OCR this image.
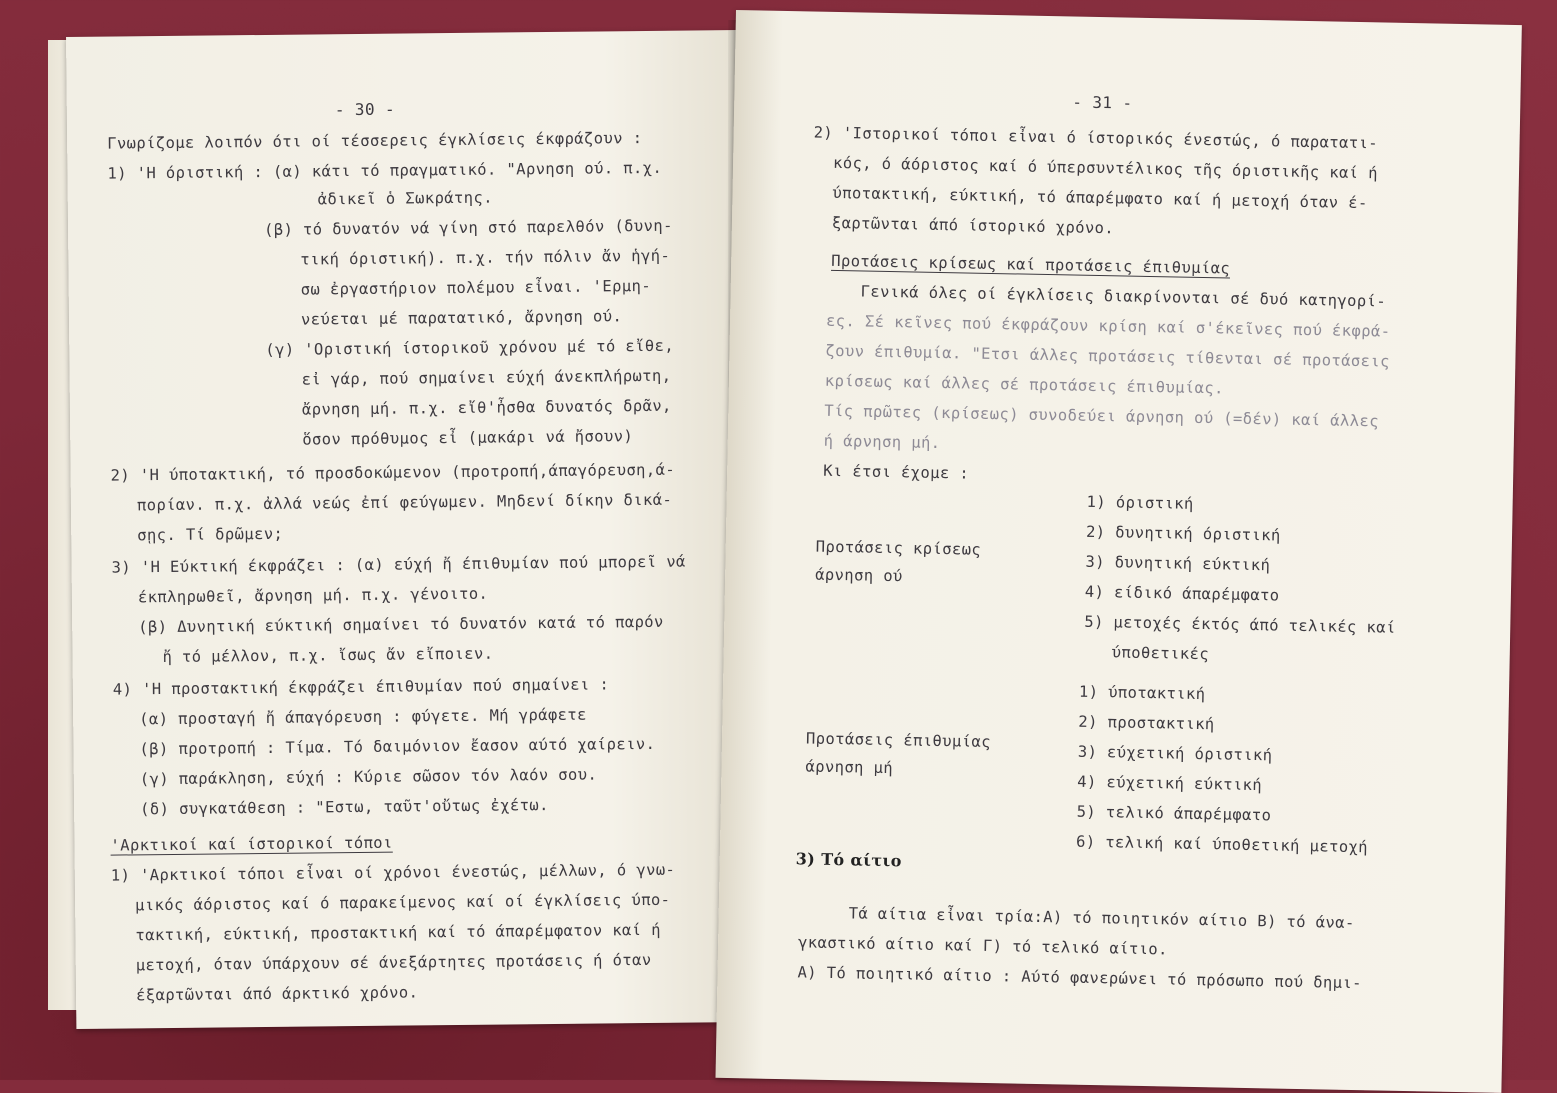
- 30 -
Γνωρίζομε λοιπόν ότι οί τέσσερεις έγκλίσεις έκφράζουν :
1) 'Η όριστική : (α) κάτι τό πραγματικό. "Αρνηση ού. π.χ.
ἀδικεῖ ὁ Σωκράτης.
(β) τό δυνατόν νά γίνη στό παρελθόν (δυνη-
τική όριστική). π.χ. τήν πόλιν ἄν ἡγή-
σω ἐργαστήριον πολέμου εἶναι. 'Ερμη-
νεύεται μέ παρατατικό, ἄρνηση ού.
(γ) 'Οριστική ίστορικοῦ χρόνου μέ τό εἴθε,
εἰ γάρ, πού σημαίνει εύχή άνεκπλήρωτη,
ἄρνηση μή. π.χ. εἴθ'ἦσθα δυνατός δρᾶν,
ὅσον πρόθυμος εἶ (μακάρι νά ἤσουν)
2) 'Η ύποτακτική, τό προσδοκώμενον (προτροπή,άπαγόρευση,ά-
πορίαν. π.χ. ἀλλά νεώς ἐπί φεύγωμεν. Μηδενί δίκην δικά-
σῃς. Τί δρῶμεν;
3) 'Η Εύκτική έκφράζει : (α) εύχή ἤ έπιθυμίαν πού μπορεῖ νά
έκπληρωθεῖ, ἄρνηση μή. π.χ. γένοιτο.
(β) Δυνητική εύκτική σημαίνει τό δυνατόν κατά τό παρόν
ἤ τό μέλλον, π.χ. ἴσως ἄν εἴποιεν.
4) 'Η προστακτική έκφράζει έπιθυμίαν πού σημαίνει :
(α) προσταγή ἤ άπαγόρευση : φύγετε. Μή γράφετε
(β) προτροπή : Τίμα. Τό δαιμόνιον ἔασον αύτό χαίρειν.
(γ) παράκληση, εύχή : Κύριε σῶσον τόν λαόν σου.
(δ) συγκατάθεση : "Εστω, ταῦτ'οὔτως ἐχέτω.
'Αρκτικοί καί ίστορικοί τόποι
1) 'Αρκτικοί τόποι εἶναι οί χρόνοι ένεστώς, μέλλων, ό γνω-
μικός άόριστος καί ό παρακείμενος καί οί έγκλίσεις ύπο-
τακτική, εύκτική, προστακτική καί τό άπαρέμφατον καί ή
μετοχή, όταν ύπάρχουν σέ άνεξάρτητες προτάσεις ή όταν
έξαρτῶνται άπό άρκτικό χρόνο.
- 31 -
2) 'Ιστορικοί τόποι εἶναι ό ίστορικός ένεστώς, ό παρατατι-
κός, ό άόριστος καί ό ύπερσυντέλικος τῆς όριστικῆς καί ή
ύποτακτική, εύκτική, τό άπαρέμφατο καί ή μετοχή όταν έ-
ξαρτῶνται άπό ίστορικό χρόνο.
Προτάσεις κρίσεως καί προτάσεις έπιθυμίας
Γενικά όλες οί έγκλίσεις διακρίνονται σέ δυό κατηγορί-
ες. Σέ κεῖνες πού έκφράζουν κρίση καί σ'έκεῖνες πού έκφρά-
ζουν έπιθυμία. "Ετσι άλλες προτάσεις τίθενται σέ προτάσεις
κρίσεως καί άλλες σέ προτάσεις έπιθυμίας.
Τίς πρῶτες (κρίσεως) συνοδεύει άρνηση ού (=δέν) καί άλλες
ή άρνηση μή.
Κι έτσι έχομε :
Προτάσεις κρίσεως
άρνηση ού
1) όριστική
2) δυνητική όριστική
3) δυνητική εύκτική
4) είδικό άπαρέμφατο
5) μετοχές έκτός άπό τελικές καί
ύποθετικές
Προτάσεις έπιθυμίας
άρνηση μή
1) ύποτακτική
2) προστακτική
3) εύχετική όριστική
4) εύχετική εύκτική
5) τελικό άπαρέμφατο
6) τελική καί ύποθετική μετοχή
3) Τό αίτιο
Τά αίτια εἶναι τρία:Α) τό ποιητικόν αίτιο Β) τό άνα-
γκαστικό αίτιο καί Γ) τό τελικό αίτιο.
Α) Τό ποιητικό αίτιο : Αύτό φανερώνει τό πρόσωπο πού δημι-
